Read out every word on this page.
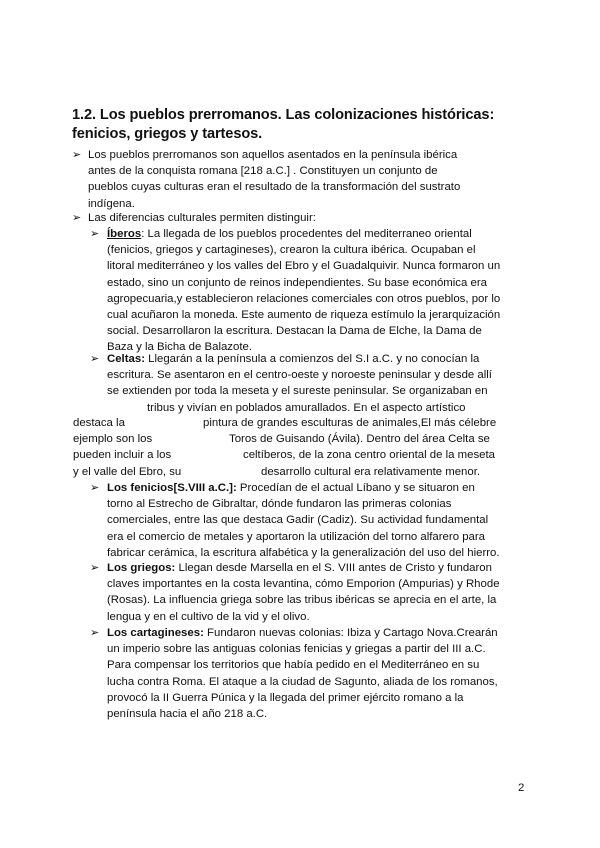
1.2. Los pueblos prerromanos. Las colonizaciones históricas: fenicios, griegos y tartesos.
➢ Los pueblos prerromanos son aquellos asentados en la península ibérica
antes de la conquista romana [218 a.C.] . Constituyen un conjunto de
pueblos cuyas culturas eran el resultado de la transformación del sustrato
indígena.
➢ Las diferencias culturales permiten distinguir:
➢ Íberos: La llegada de los pueblos procedentes del mediterraneo oriental
(fenicios, griegos y cartagineses), crearon la cultura ibérica. Ocupaban el
litoral mediterráneo y los valles del Ebro y el Guadalquivir. Nunca formaron un
estado, sino un conjunto de reinos independientes. Su base económica era
agropecuaria,y establecieron relaciones comerciales con otros pueblos, por lo
cual acuñaron la moneda. Este aumento de riqueza estímulo la jerarquización
social. Desarrollaron la escritura. Destacan la Dama de Elche, la Dama de
Baza y la Bicha de Balazote.
➢ Celtas: Llegarán a la península a comienzos del S.I a.C. y no conocían la
escritura. Se asentaron en el centro-oeste y noroeste peninsular y desde allí
se extienden por toda la meseta y el sureste peninsular. Se organizaban en
tribus y vivían en poblados amurallados. En el aspecto artístico
destaca la	pintura de grandes esculturas de animales,El más célebre
ejemplo son los	Toros de Guisando (Ávila). Dentro del área Celta se
pueden incluir a los	celtíberos, de la zona centro oriental de la meseta
y el valle del Ebro, su	desarrollo cultural era relativamente menor.
➢ Los fenicios[S.VIII a.C.]: Procedían de el actual Líbano y se situaron en
torno al Estrecho de Gibraltar, dónde fundaron las primeras colonias
comerciales, entre las que destaca Gadir (Cadiz). Su actividad fundamental
era el comercio de metales y aportaron la utilización del torno alfarero para
fabricar cerámica, la escritura alfabética y la generalización del uso del hierro.
➢ Los griegos: Llegan desde Marsella en el S. VIII antes de Cristo y fundaron
claves importantes en la costa levantina, cómo Emporion (Ampurias) y Rhode
(Rosas). La influencia griega sobre las tribus ibéricas se aprecia en el arte, la
lengua y en el cultivo de la vid y el olivo.
➢ Los cartagineses: Fundaron nuevas colonias: Ibiza y Cartago Nova.Crearán
un imperio sobre las antiguas colonias fenicias y griegas a partir del III a.C.
Para compensar los territorios que había pedido en el Mediterráneo en su
lucha contra Roma. El ataque a la ciudad de Sagunto, aliada de los romanos,
provocó la II Guerra Púnica y la llegada del primer ejército romano a la
península hacia el año 218 a.C.
2
